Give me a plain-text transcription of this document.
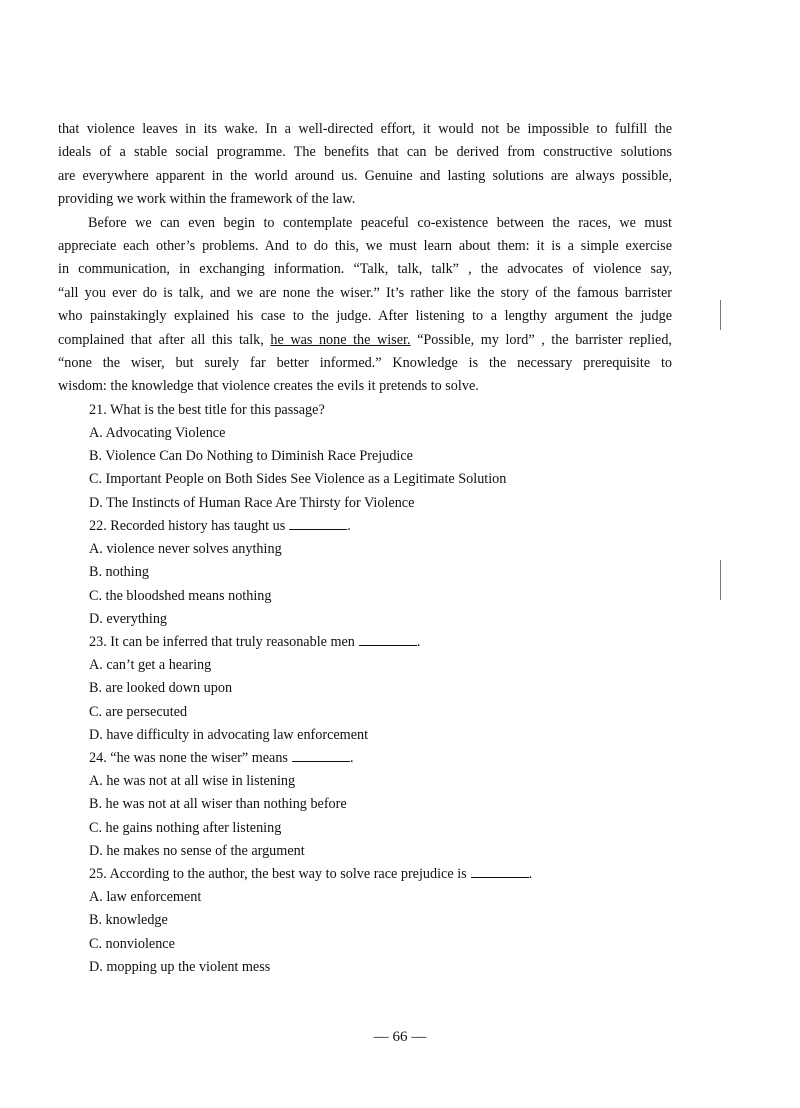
that violence leaves in its wake. In a well-directed effort, it would not be impossible to fulfill the
ideals of a stable social programme. The benefits that can be derived from constructive solutions
are everywhere apparent in the world around us. Genuine and lasting solutions are always possible,
providing we work within the framework of the law.

Before we can even begin to contemplate peaceful co-existence between the races, we must
appreciate each other’s problems. And to do this, we must learn about them: it is a simple exercise
in communication, in exchanging information. “Talk, talk, talk” , the advocates of violence say,
“all you ever do is talk, and we are none the wiser.” It’s rather like the story of the famous barrister
who painstakingly explained his case to the judge. After listening to a lengthy argument the judge
complained that after all this talk, he was none the wiser. “Possible, my lord” , the barrister replied,
“none the wiser, but surely far better informed.” Knowledge is the necessary prerequisite to
wisdom: the knowledge that violence creates the evils it pretends to solve.

21. What is the best title for this passage?
A. Advocating Violence
B. Violence Can Do Nothing to Diminish Race Prejudice
C. Important People on Both Sides See Violence as a Legitimate Solution
D. The Instincts of Human Race Are Thirsty for Violence
22. Recorded history has taught us	.
A. violence never solves anything
B. nothing
C. the bloodshed means nothing
D. everything
23. It can be inferred that truly reasonable men	.
A. can’t get a hearing
B. are looked down upon
C. are persecuted
D. have difficulty in advocating law enforcement
24. “he was none the wiser” means	.
A. he was not at all wise in listening
B. he was not at all wiser than nothing before
C. he gains nothing after listening
D. he makes no sense of the argument
25. According to the author, the best way to solve race prejudice is	.
A. law enforcement
B. knowledge
C. nonviolence
D. mopping up the violent mess
— 66 —
